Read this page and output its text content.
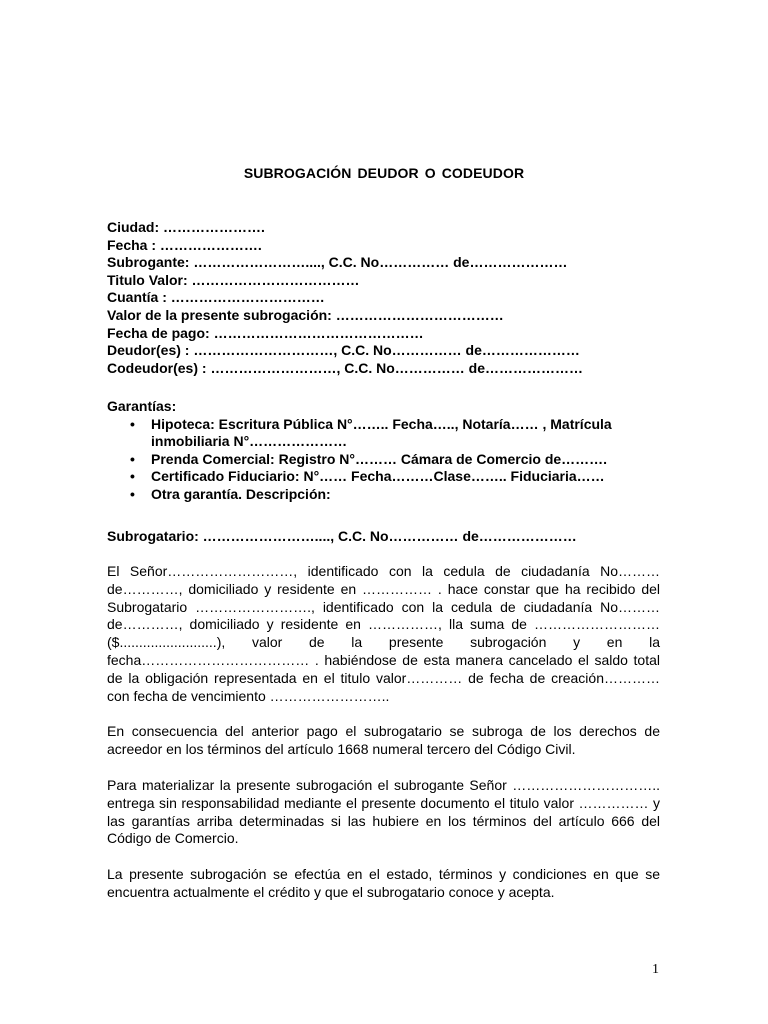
SUBROGACIÓN DEUDOR O CODEUDOR
Ciudad: ………………….
Fecha : ………………….
Subrogante: ……………………...., C.C. No…………… de…………………
Titulo Valor: ………………………………
Cuantía : ……………………………
Valor de la presente subrogación: ………………………………
Fecha de pago: ………………………………………
Deudor(es) : …………………………, C.C. No…………… de…………………
Codeudor(es) : ………………………, C.C. No…………… de…………………
Garantías:
• Hipoteca: Escritura Pública N°…….. Fecha….., Notaría…… , Matrícula inmobiliaria N°…………………
• Prenda Comercial: Registro N°……… Cámara de Comercio de……….
• Certificado Fiduciario: N°…… Fecha………Clase…….. Fiduciaria……
• Otra garantía. Descripción:
Subrogatario: ……………………...., C.C. No…………… de…………………
El Señor………………………, identificado con la cedula de ciudadanía No………de…………, domiciliado y residente en …………… . hace constar que ha recibido del Subrogatario ……………………., identificado con la cedula de ciudadanía No………de…………, domiciliado y residente en ……………, lla suma de ……………………… ($.........................), valor de la presente subrogación y en la fecha……………………………… . habiéndose de esta manera cancelado el saldo total de la obligación representada en el titulo valor………… de fecha de creación………… con fecha de vencimiento ……………………..
En consecuencia del anterior pago el subrogatario se subroga de los derechos de acreedor en los términos del artículo 1668 numeral tercero del Código Civil.
Para materializar la presente subrogación el subrogante Señor ………………………….. entrega sin responsabilidad mediante el presente documento el titulo valor …………… y las garantías arriba determinadas si las hubiere en los términos del artículo 666 del Código de Comercio.
La presente subrogación se efectúa en el estado, términos y condiciones en que se encuentra actualmente el crédito y que el subrogatario conoce y acepta.
1
